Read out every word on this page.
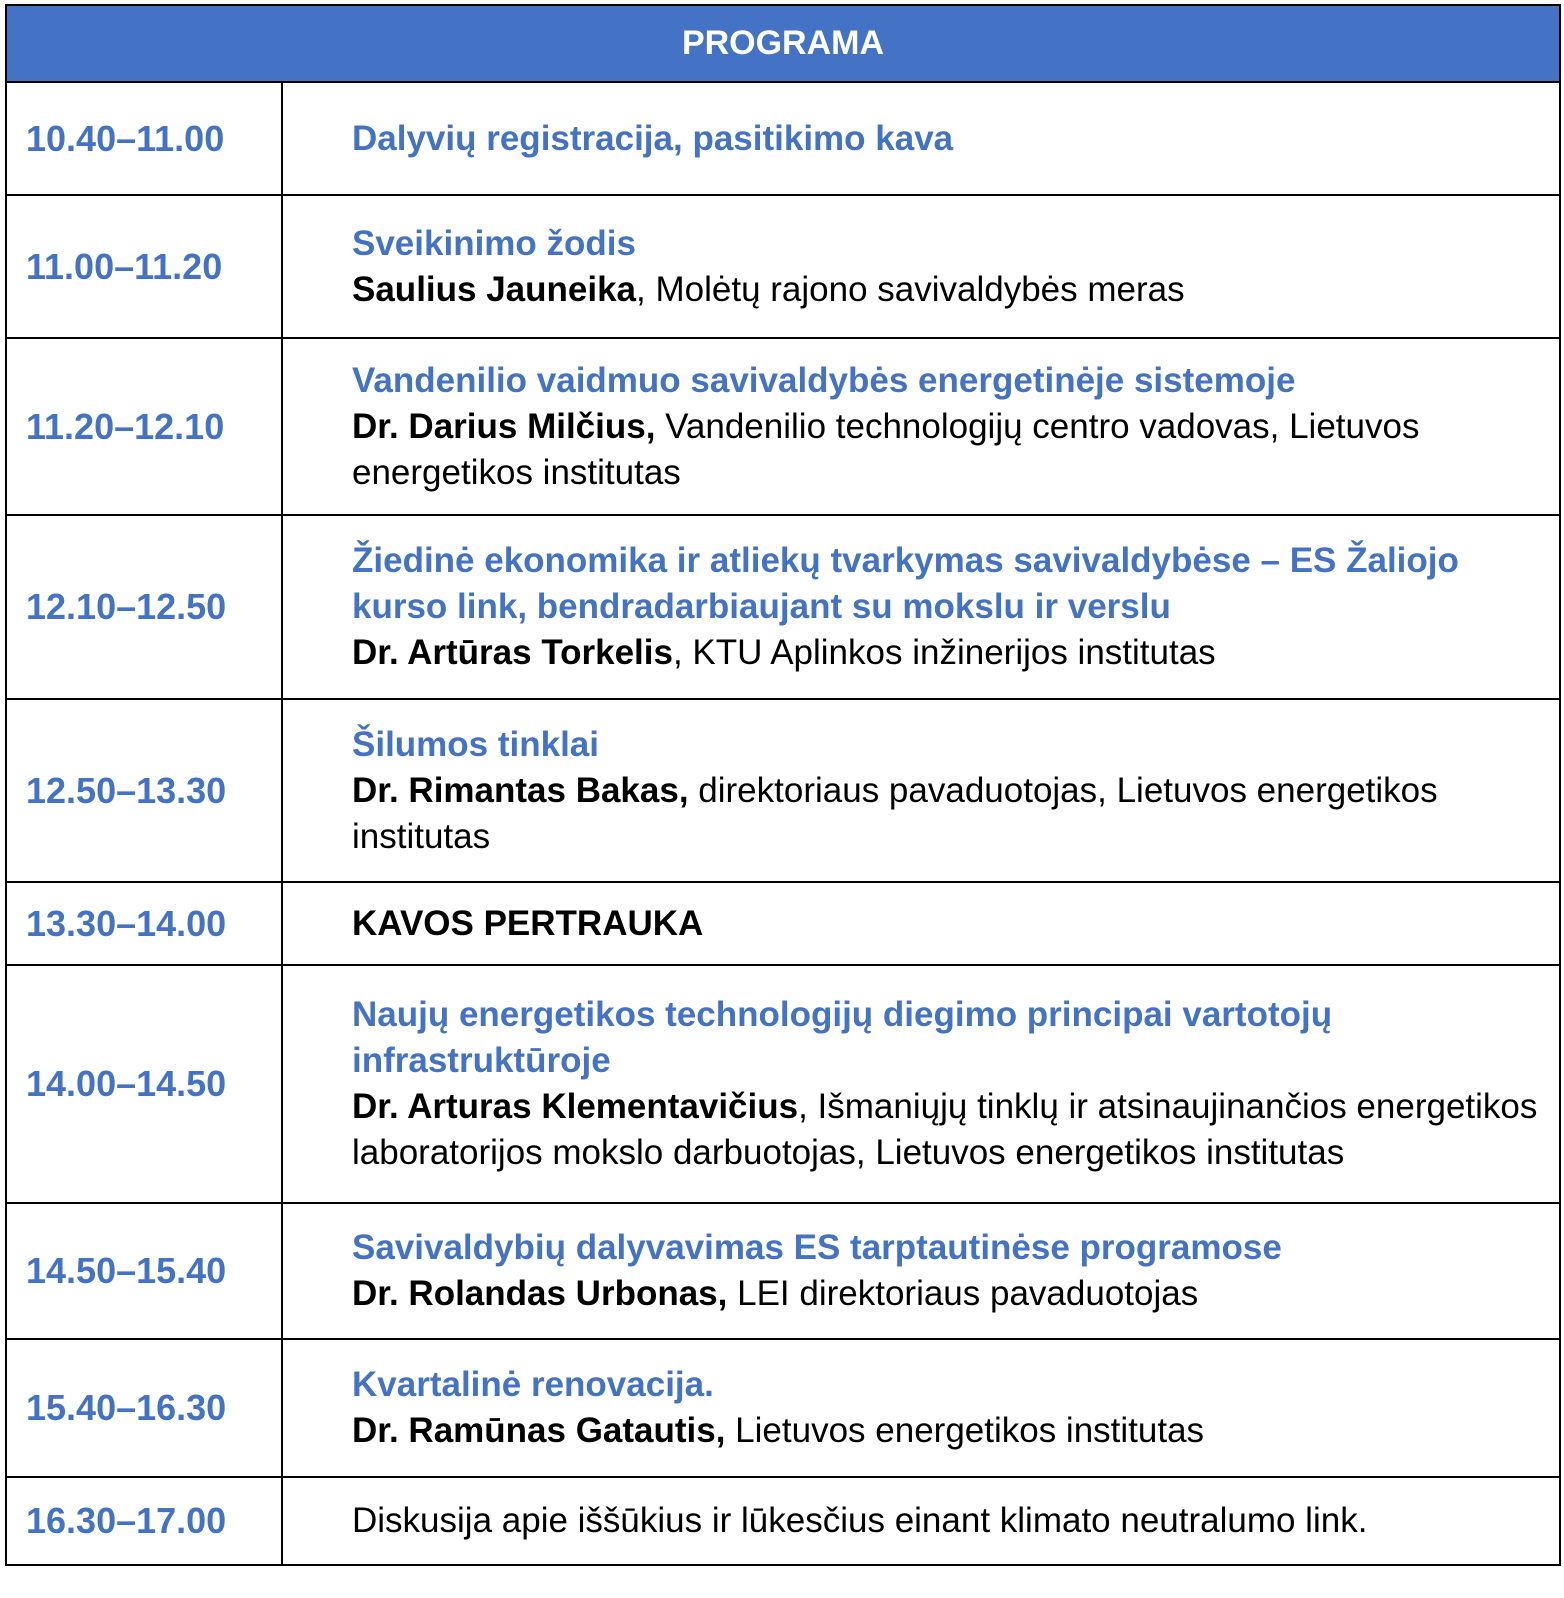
PROGRAMA	
10.40–11.00	Dalyvių registracija, pasitikimo kava

11.00–11.20	Sveikinimo žodis
Saulius Jauneika, Molėtų rajono savivaldybės meras
11.20–12.10	Vandenilio vaidmuo savivaldybės energetinėje sistemoje
Dr. Darius Milčius, Vandenilio technologijų centro vadovas, Lietuvos energetikos institutas
12.10–12.50	Žiedinė ekonomika ir atliekų tvarkymas savivaldybėse – ES Žaliojo kurso link, bendradarbiaujant su mokslu ir verslu
Dr. Artūras Torkelis, KTU Aplinkos inžinerijos institutas
12.50–13.30	Šilumos tinklai
Dr. Rimantas Bakas, direktoriaus pavaduotojas, Lietuvos energetikos institutas
13.30–14.00	KAVOS PERTRAUKA
14.00–14.50	Naujų energetikos technologijų diegimo principai vartotojų infrastruktūroje
Dr. Arturas Klementavičius, Išmaniųjų tinklų ir atsinaujinančios energetikos laboratorijos mokslo darbuotojas, Lietuvos energetikos institutas
14.50–15.40	Savivaldybių dalyvavimas ES tarptautinėse programose
Dr. Rolandas Urbonas, LEI direktoriaus pavaduotojas
15.40–16.30	Kvartalinė renovacija.
Dr. Ramūnas Gatautis, Lietuvos energetikos institutas
16.30–17.00	Diskusija apie iššūkius ir lūkesčius einant klimato neutralumo link.
